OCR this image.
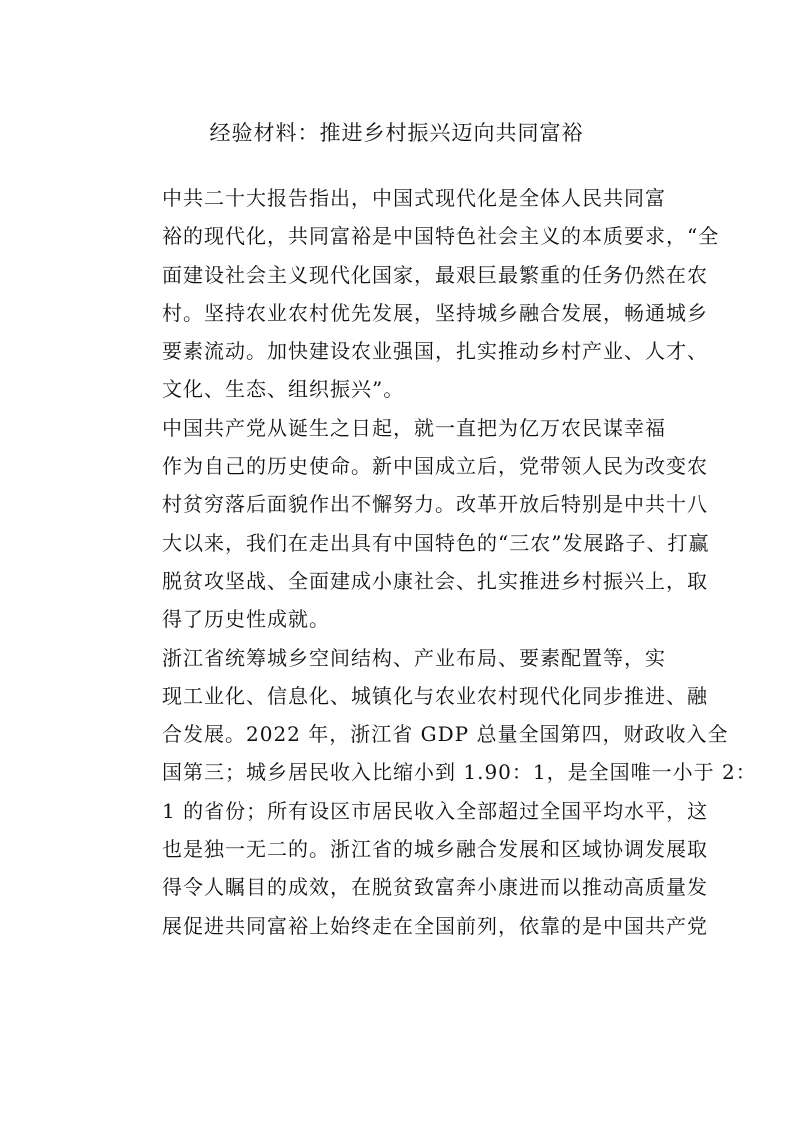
经验材料：推进乡村振兴迈向共同富裕

中共二十大报告指出，中国式现代化是全体人民共同富
裕的现代化，共同富裕是中国特色社会主义的本质要求，“全
面建设社会主义现代化国家，最艰巨最繁重的任务仍然在农
村。坚持农业农村优先发展，坚持城乡融合发展，畅通城乡
要素流动。加快建设农业强国，扎实推动乡村产业、人才、
文化、生态、组织振兴”。

中国共产党从诞生之日起，就一直把为亿万农民谋幸福
作为自己的历史使命。新中国成立后，党带领人民为改变农
村贫穷落后面貌作出不懈努力。改革开放后特别是中共十八
大以来，我们在走出具有中国特色的“三农”发展路子、打赢
脱贫攻坚战、全面建成小康社会、扎实推进乡村振兴上，取
得了历史性成就。

浙江省统筹城乡空间结构、产业布局、要素配置等，实
现工业化、信息化、城镇化与农业农村现代化同步推进、融
合发展。2022 年，浙江省 GDP 总量全国第四，财政收入全
国第三；城乡居民收入比缩小到 1.90：1，是全国唯一小于 2：
1 的省份；所有设区市居民收入全部超过全国平均水平，这
也是独一无二的。浙江省的城乡融合发展和区域协调发展取
得令人瞩目的成效，在脱贫致富奔小康进而以推动高质量发
展促进共同富裕上始终走在全国前列，依靠的是中国共产党
